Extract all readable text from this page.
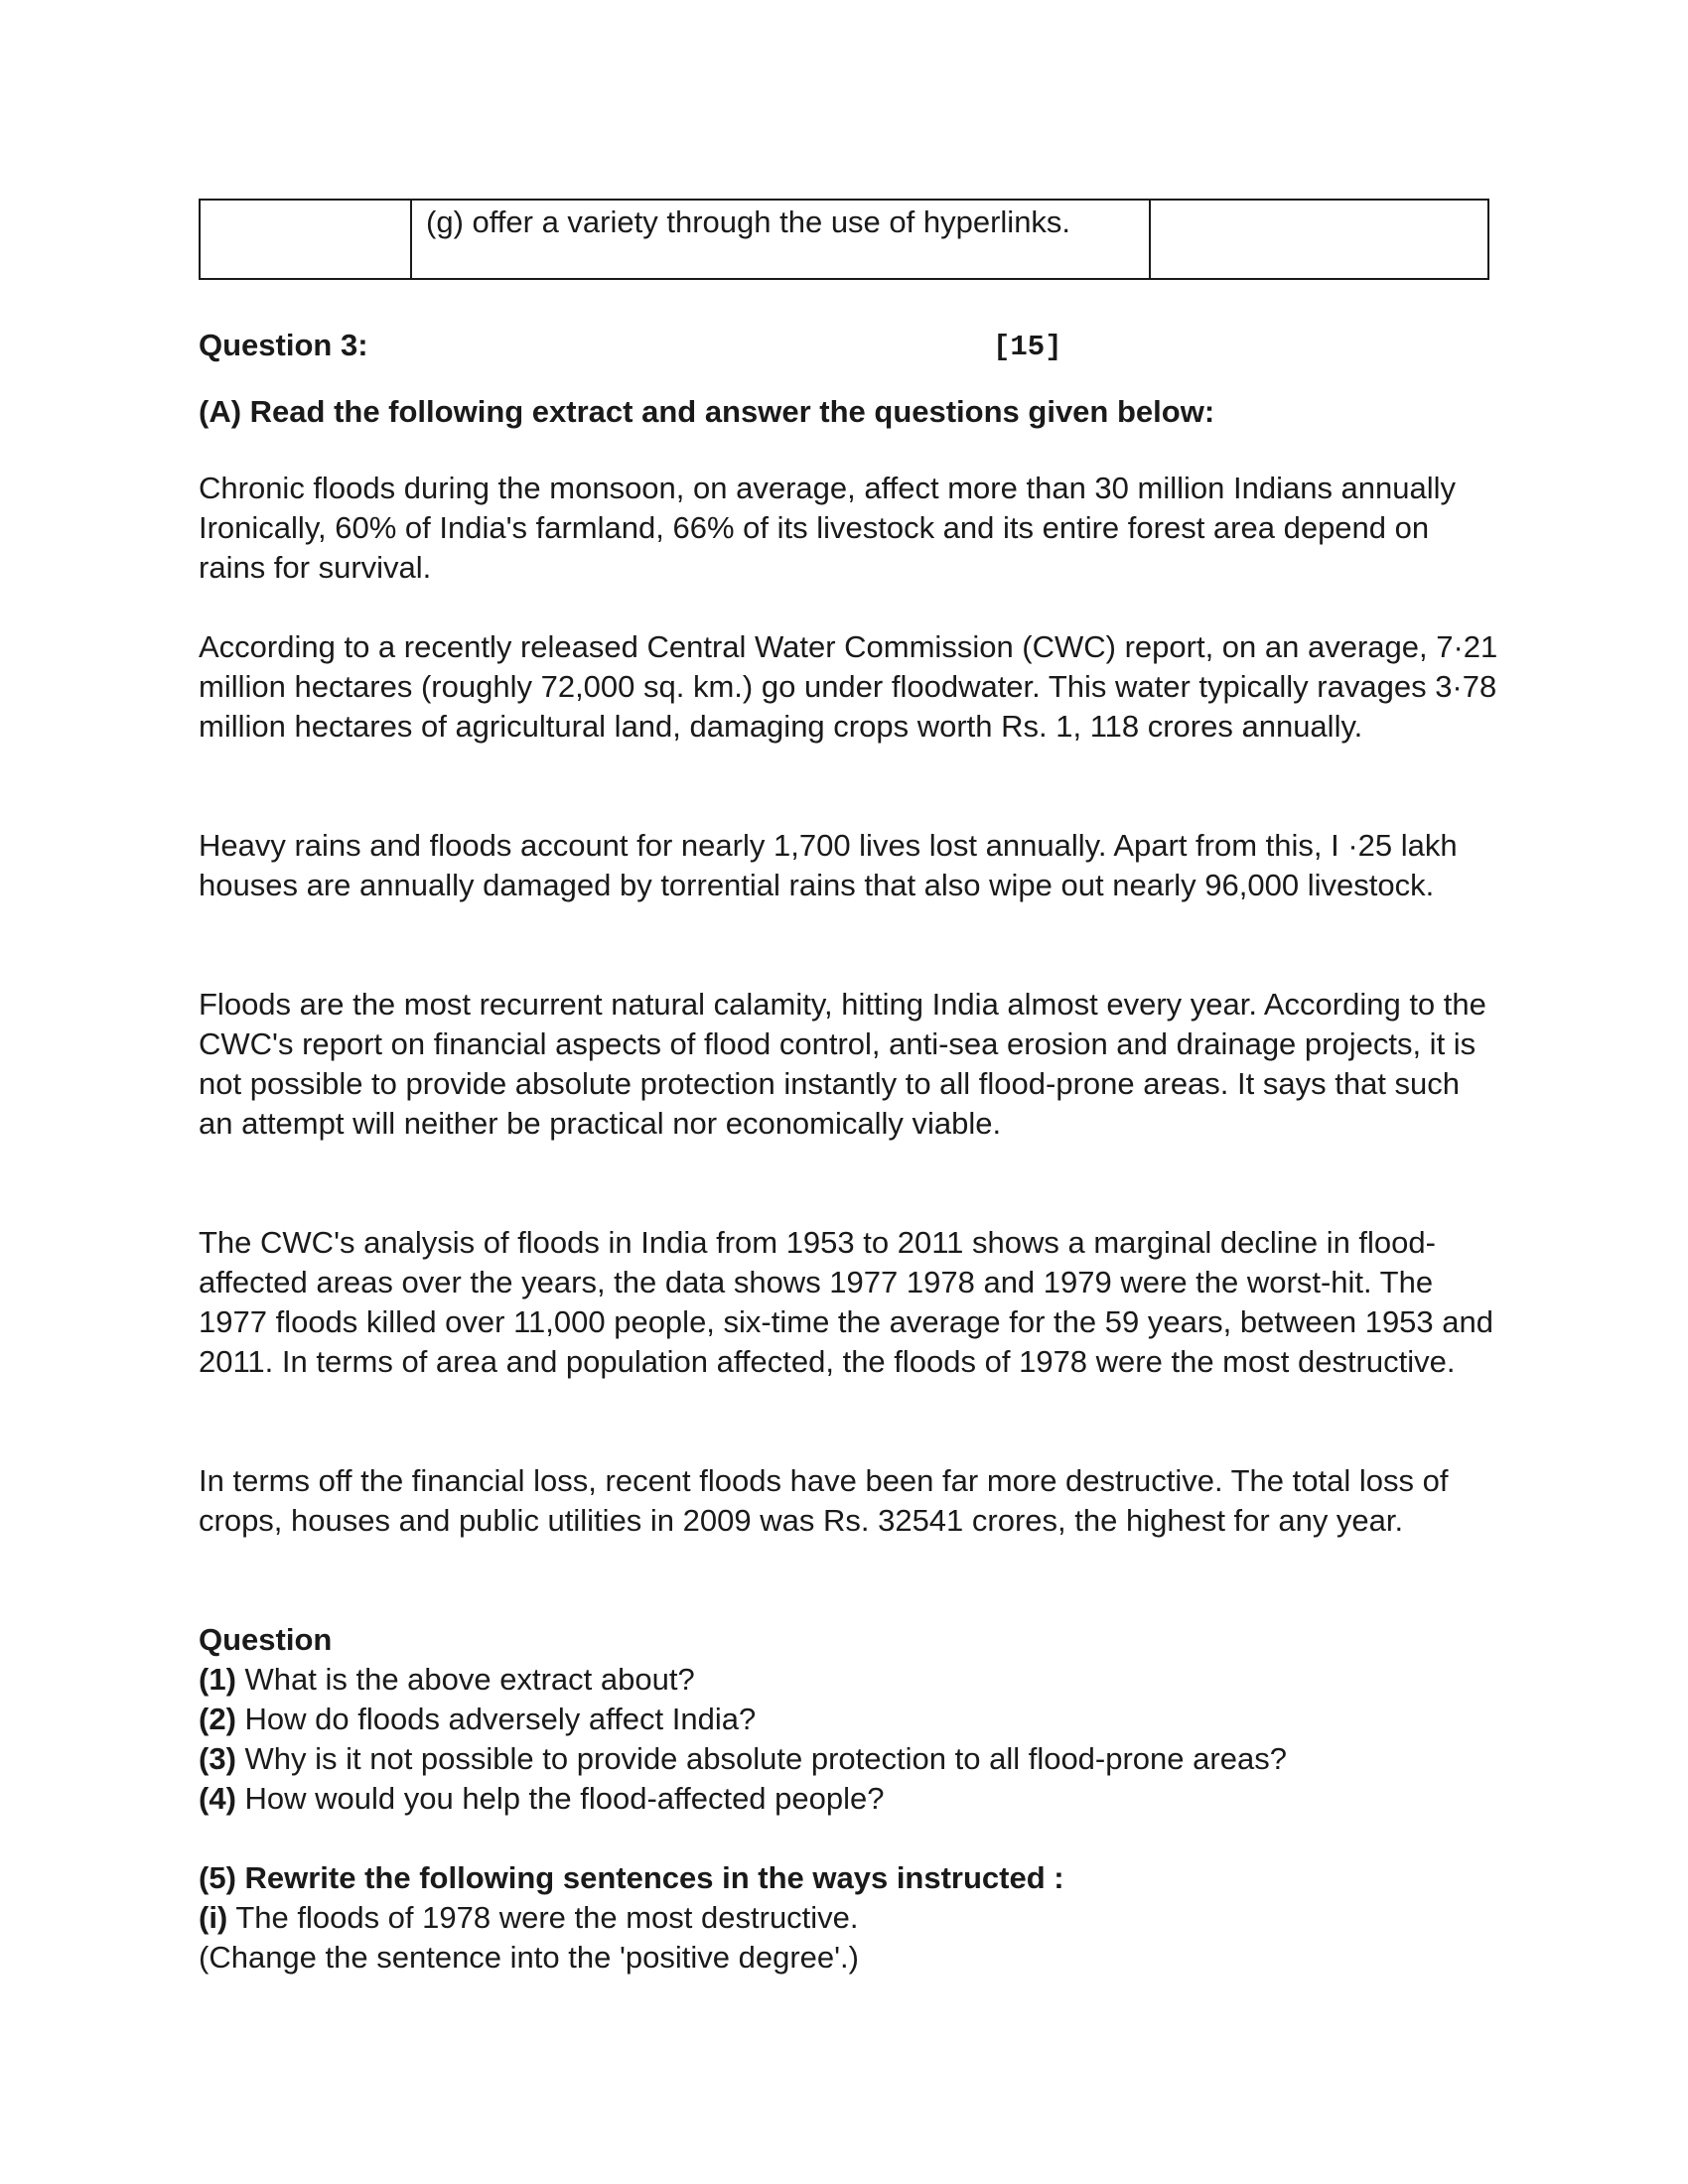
	(g) offer a variety through the use of hyperlinks.	
Question 3:	[15]
(A) Read the following extract and answer the questions given below:
Chronic floods during the monsoon, on average, affect more than 30 million Indians annually Ironically, 60% of India's farmland, 66% of its livestock and its entire forest area depend on rains for survival.
According to a recently released Central Water Commission (CWC) report, on an average, 7·21 million hectares (roughly 72,000 sq. km.) go under floodwater. This water typically ravages 3·78 million hectares of agricultural land, damaging crops worth Rs. 1, 118 crores annually.
Heavy rains and floods account for nearly 1,700 lives lost annually. Apart from this, I ·25 lakh houses are annually damaged by torrential rains that also wipe out nearly 96,000 livestock.
Floods are the most recurrent natural calamity, hitting India almost every year. According to the CWC's report on financial aspects of flood control, anti-sea erosion and drainage projects, it is not possible to provide absolute protection instantly to all flood-prone areas. It says that such an attempt will neither be practical nor economically viable.
The CWC's analysis of floods in India from 1953 to 2011 shows a marginal decline in flood-affected areas over the years, the data shows 1977 1978 and 1979 were the worst-hit. The 1977 floods killed over 11,000 people, six-time the average for the 59 years, between 1953 and 2011. In terms of area and population affected, the floods of 1978 were the most destructive.
In terms off the financial loss, recent floods have been far more destructive. The total loss of crops, houses and public utilities in 2009 was Rs. 32541 crores, the highest for any year.
Question
(1) What is the above extract about?
(2) How do floods adversely affect India?
(3) Why is it not possible to provide absolute protection to all flood-prone areas?
(4) How would you help the flood-affected people?
(5) Rewrite the following sentences in the ways instructed :
(i) The floods of 1978 were the most destructive.
(Change the sentence into the 'positive degree'.)
